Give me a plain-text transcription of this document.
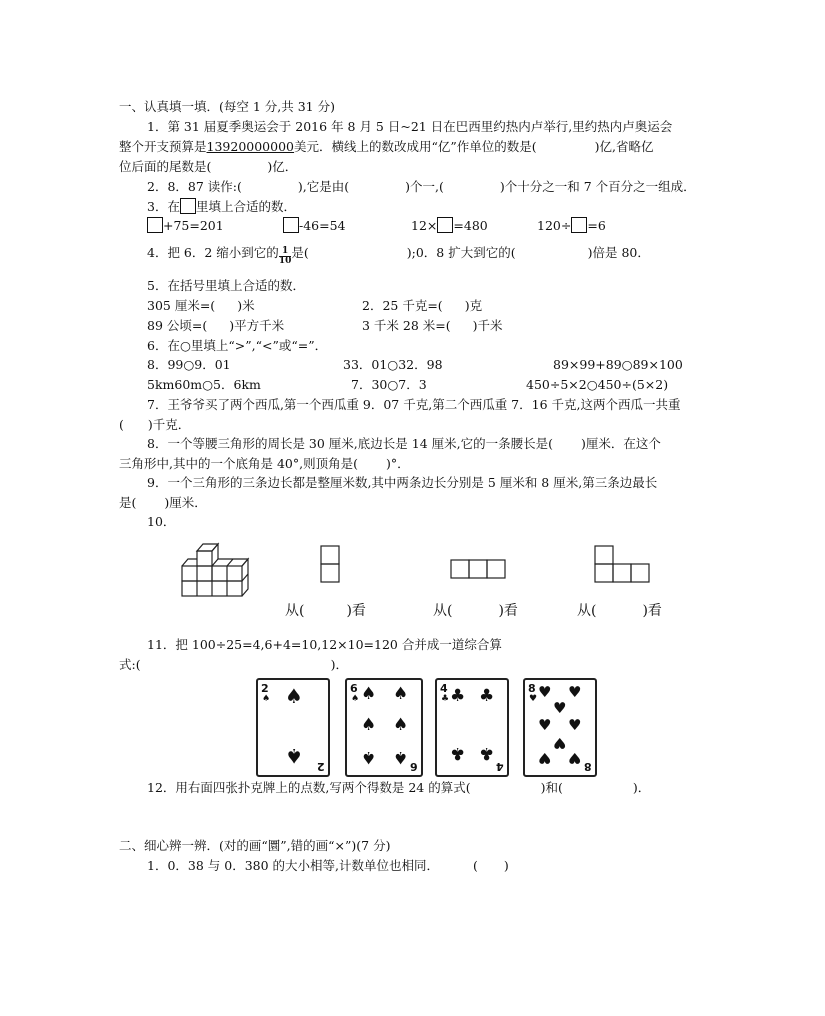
一、认真填一填．(每空 1 分,共 31 分)
1．第 31 届夏季奥运会于 2016 年 8 月 5 日~21 日在巴西里约热内卢举行,里约热内卢奥运会
整个开支预算是13920000000美元．横线上的数改成用“亿”作单位的数是(	)亿,省略亿
位后面的尾数是(	)亿．
2．8．87 读作:(	),它是由(	)个一,(	)个十分之一和 7 个百分之一组成．
3．在 里填上合适的数．
+75=201	-46=54	12× =480	120÷ =6
4．把 6．2 缩小到它的 $\frac{1}{10}$ 是(	);0．8 扩大到它的(	)倍是 80．
5．在括号里填上合适的数．
305 厘米=( )米	2．25 千克=( )克
89 公顷=( )平方千米	3 千米 28 米=( )千米
6．在○里填上“>”,“<”或“=”．
8．99○9．01	33．01○32．98	89×99+89○89×100
5km60m○5．6km	7．30○7．3	450÷5×2○450÷(5×2)
7．王爷爷买了两个西瓜,第一个西瓜重 9．07 千克,第二个西瓜重 7．16 千克,这两个西瓜一共重
( )千克．
8．一个等腰三角形的周长是 30 厘米,底边长是 14 厘米,它的一条腰长是( )厘米．在这个
三角形中,其中的一个底角是 40°,则顶角是( )°．
9．一个三角形的三条边长都是整厘米数,其中两条边长分别是 5 厘米和 8 厘米,第三条边最长
是( )厘米．
10．
从(	)看	从(	)看	从(	)看
11．把 100÷25=4,6+4=10,12×10=120 合并成一道综合算
式:(	)．
2
♠ ♠
♠ 2
6
♠ ♠ ♠
♠ ♠
♠ ♠ 6
4
♣ ♣ ♣
♣ ♣
4
8
♥ ♥ ♥
♥
♥ ♥
♥
♥ ♥ 8
12．用右面四张扑克牌上的点数,写两个得数是 24 的算式(	)和(	)．
二、细心辨一辨．(对的画“圜”,错的画“×”)(7 分)
1．0．38 与 0．380 的大小相等,计数单位也相同．	( )
